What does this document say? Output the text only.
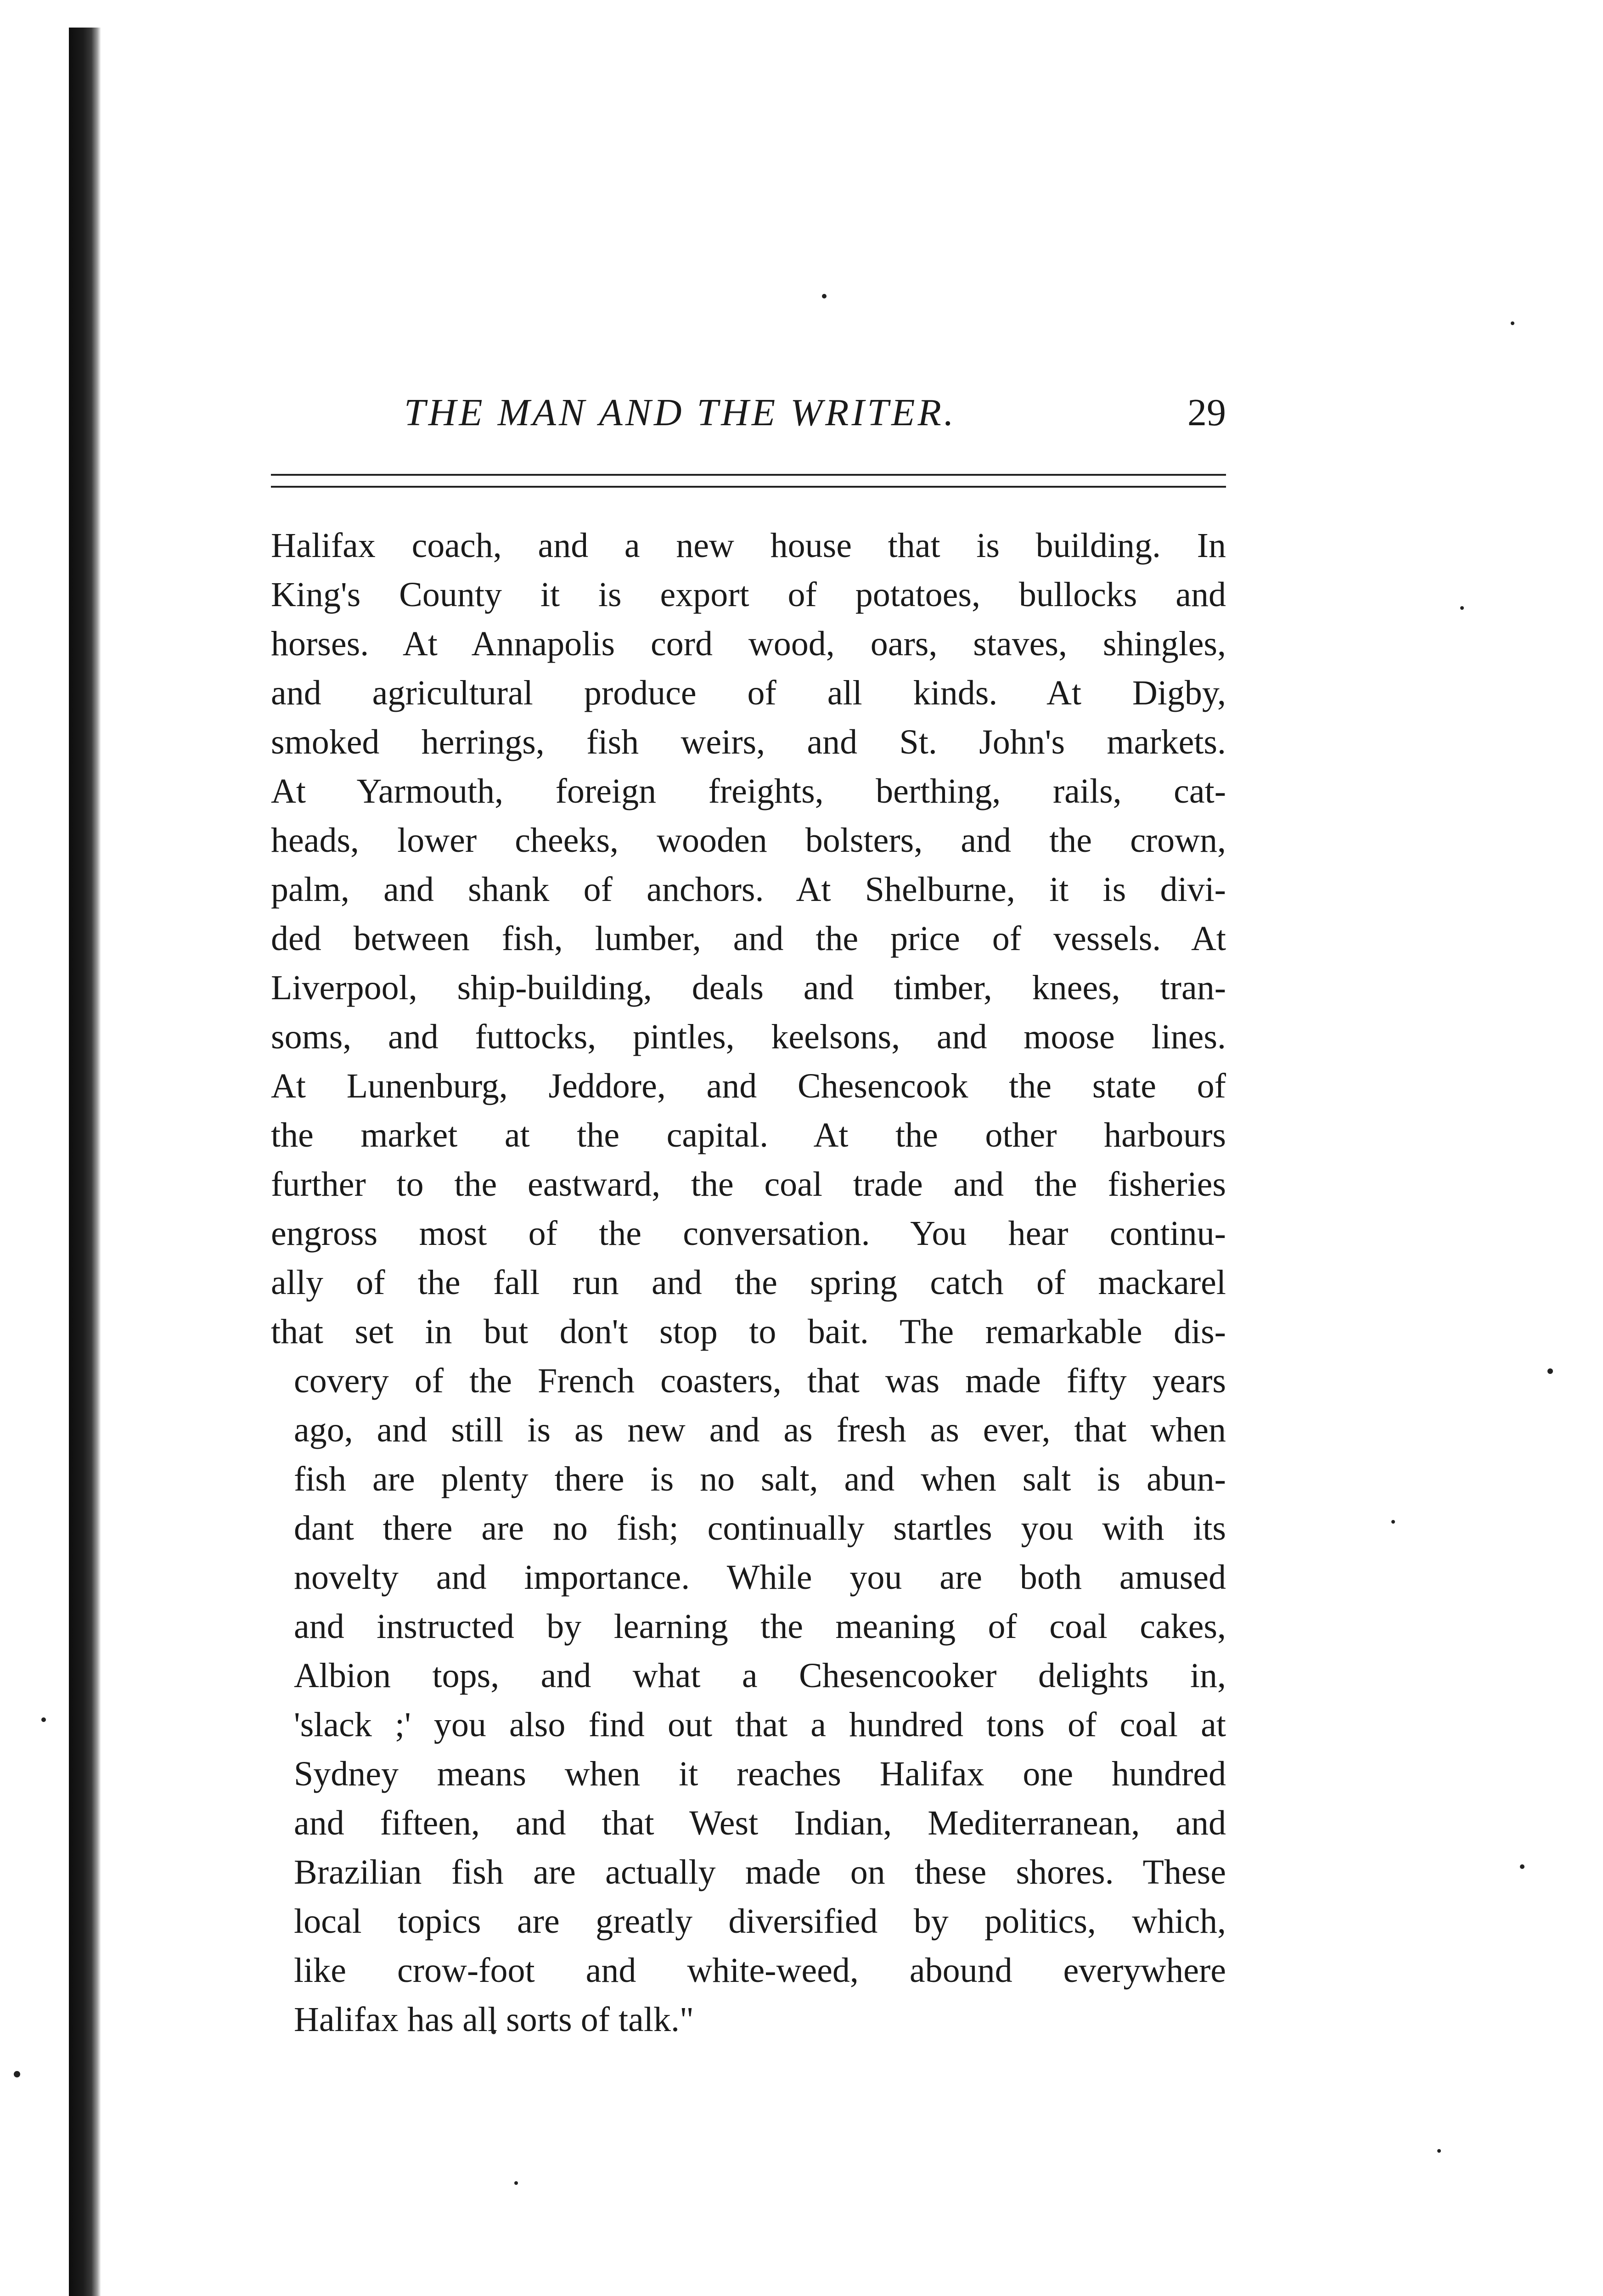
THE MAN AND THE WRITER.	29
Halifax coach, and a new house that is building. In
King's County it is export of potatoes, bullocks and
horses. At Annapolis cord wood, oars, staves, shingles,
and agricultural produce of all kinds. At Digby,
smoked herrings, fish weirs, and St. John's markets.
At Yarmouth, foreign freights, berthing, rails, cat-
heads, lower cheeks, wooden bolsters, and the crown,
palm, and shank of anchors. At Shelburne, it is divi-
ded between fish, lumber, and the price of vessels. At
Liverpool, ship-building, deals and timber, knees, tran-
soms, and futtocks, pintles, keelsons, and moose lines.
At Lunenburg, Jeddore, and Chesencook the state of
the market at the capital. At the other harbours
further to the eastward, the coal trade and the fisheries
engross most of the conversation. You hear continu-
ally of the fall run and the spring catch of mackarel
that set in but don't stop to bait. The remarkable dis-
covery of the French coasters, that was made fifty years
ago, and still is as new and as fresh as ever, that when
fish are plenty there is no salt, and when salt is abun-
dant there are no fish; continually startles you with its
novelty and importance. While you are both amused
and instructed by learning the meaning of coal cakes,
Albion tops, and what a Chesencooker delights in,
'slack ;' you also find out that a hundred tons of coal at
Sydney means when it reaches Halifax one hundred
and fifteen, and that West Indian, Mediterranean, and
Brazilian fish are actually made on these shores. These
local topics are greatly diversified by politics, which,
like crow-foot and white-weed, abound everywhere
Halifax has all sorts of talk."
